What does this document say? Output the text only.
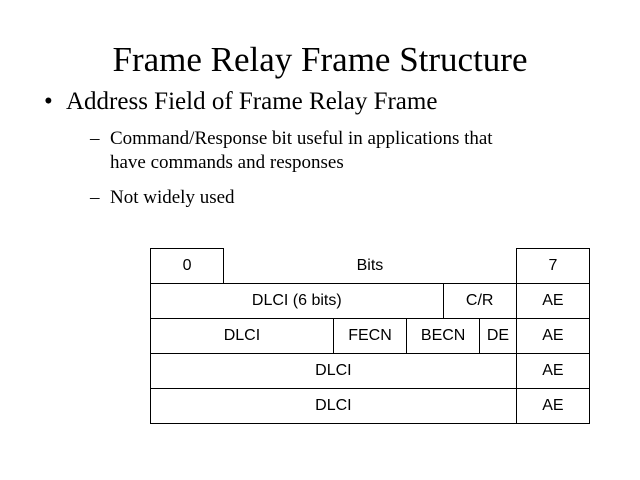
Frame Relay Frame Structure
• Address Field of Frame Relay Frame
– Command/Response bit useful in applications that have commands and responses
– Not widely used
0	Bits					7
DLCI (6 bits)				C/R		AE
DLCI		FECN	BECN		DE	AE
DLCI						AE
DLCI						AE
